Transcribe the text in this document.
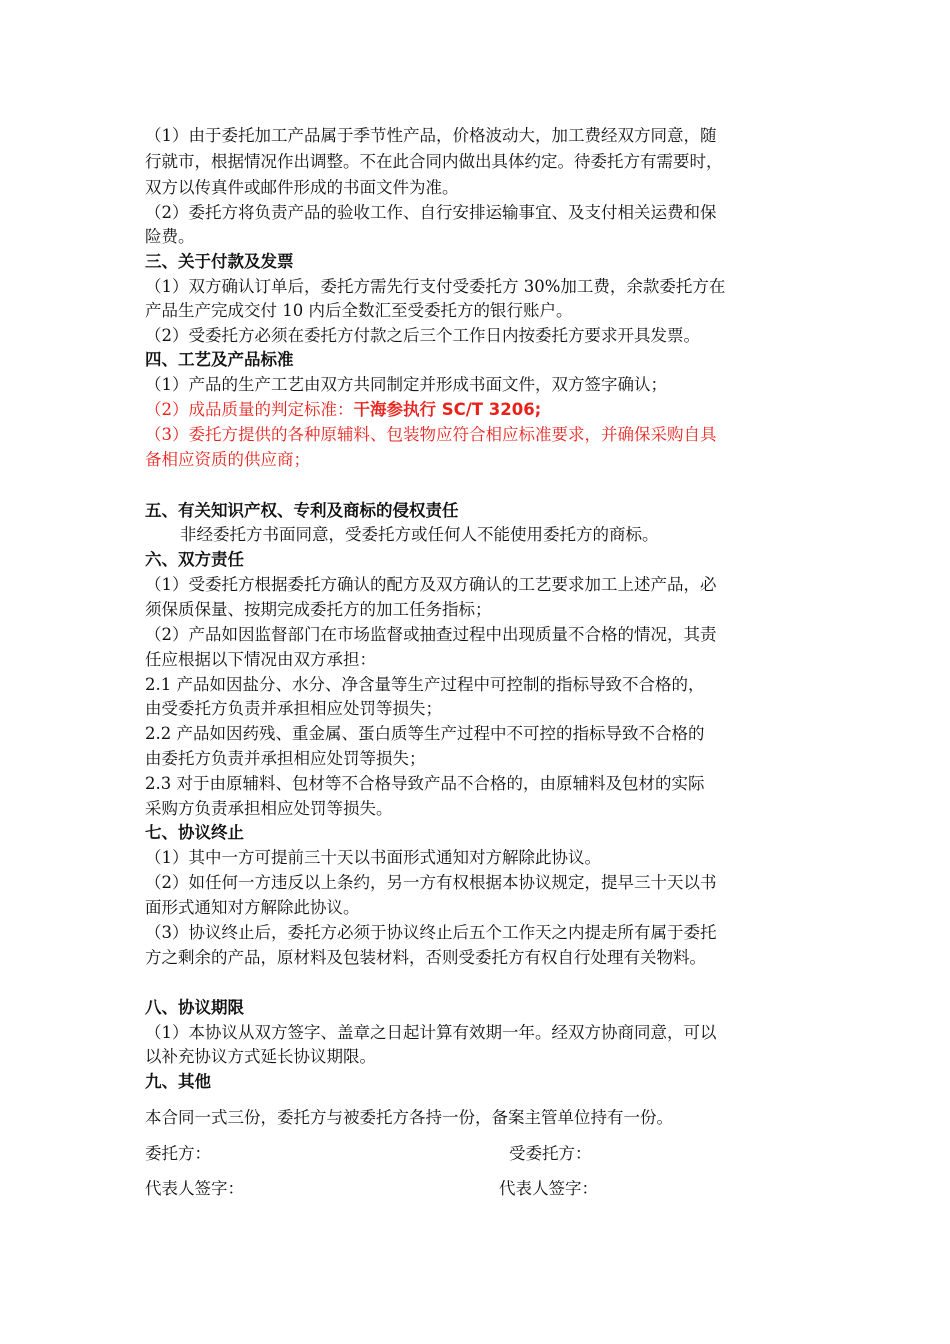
（1）由于委托加工产品属于季节性产品，价格波动大，加工费经双方同意，随
行就市，根据情况作出调整。不在此合同内做出具体约定。待委托方有需要时，
双方以传真件或邮件形成的书面文件为准。
（2）委托方将负责产品的验收工作、自行安排运输事宜、及支付相关运费和保
险费。
三、关于付款及发票
（1）双方确认订单后，委托方需先行支付受委托方 30%加工费，余款委托方在
产品生产完成交付 10 内后全数汇至受委托方的银行账户。
（2）受委托方必须在委托方付款之后三个工作日内按委托方要求开具发票。
四、工艺及产品标准
（1）产品的生产工艺由双方共同制定并形成书面文件，双方签字确认；
（2）成品质量的判定标准：干海参执行 SC/T 3206;
（3）委托方提供的各种原辅料、包装物应符合相应标准要求，并确保采购自具
备相应资质的供应商；
五、有关知识产权、专利及商标的侵权责任
非经委托方书面同意，受委托方或任何人不能使用委托方的商标。
六、双方责任
（1）受委托方根据委托方确认的配方及双方确认的工艺要求加工上述产品，必
须保质保量、按期完成委托方的加工任务指标；
（2）产品如因监督部门在市场监督或抽查过程中出现质量不合格的情况，其责
任应根据以下情况由双方承担：
2.1 产品如因盐分、水分、净含量等生产过程中可控制的指标导致不合格的，
由受委托方负责并承担相应处罚等损失；
2.2 产品如因药残、重金属、蛋白质等生产过程中不可控的指标导致不合格的
由委托方负责并承担相应处罚等损失；
2.3 对于由原辅料、包材等不合格导致产品不合格的，由原辅料及包材的实际
采购方负责承担相应处罚等损失。
七、协议终止
（1）其中一方可提前三十天以书面形式通知对方解除此协议。
（2）如任何一方违反以上条约，另一方有权根据本协议规定，提早三十天以书
面形式通知对方解除此协议。
（3）协议终止后，委托方必须于协议终止后五个工作天之内提走所有属于委托
方之剩余的产品，原材料及包装材料，否则受委托方有权自行处理有关物料。
八、协议期限
（1）本协议从双方签字、盖章之日起计算有效期一年。经双方协商同意，可以
以补充协议方式延长协议期限。
九、其他
本合同一式三份，委托方与被委托方各持一份，备案主管单位持有一份。
委托方：	受委托方：
代表人签字：	代表人签字：
